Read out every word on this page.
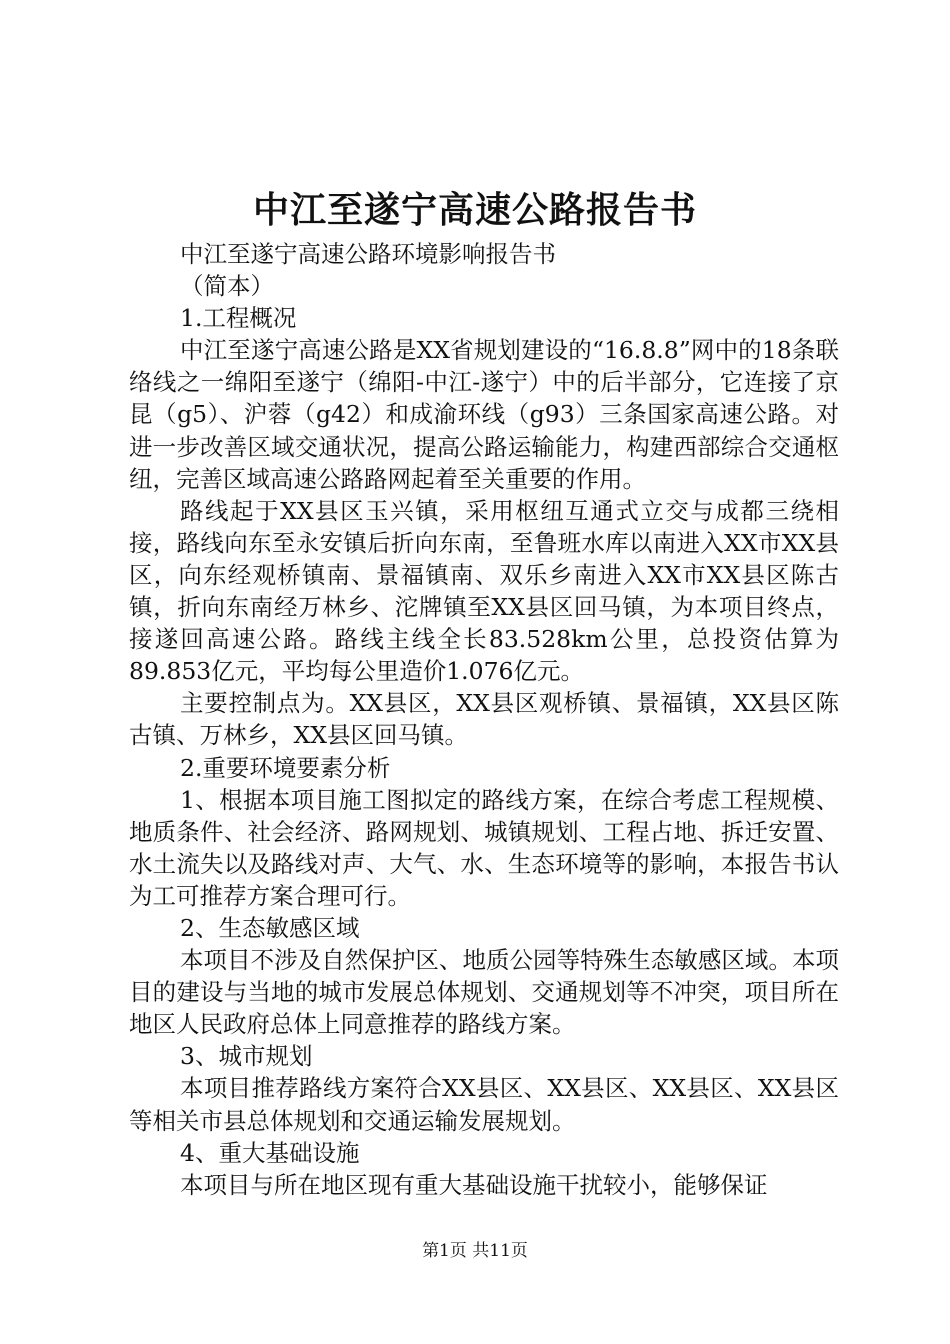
中江至遂宁高速公路报告书

中江至遂宁高速公路环境影响报告书

（简本）

1.工程概况

中江至遂宁高速公路是XX省规划建设的“16.8.8”网中的18条联络线之一绵阳至遂宁（绵阳-中江-遂宁）中的后半部分，它连接了京昆（g5）、沪蓉（g42）和成渝环线（g93）三条国家高速公路。对进一步改善区域交通状况，提高公路运输能力，构建西部综合交通枢纽，完善区域高速公路路网起着至关重要的作用。

路线起于XX县区玉兴镇，采用枢纽互通式立交与成都三绕相接，路线向东至永安镇后折向东南，至鲁班水库以南进入XX市XX县区，向东经观桥镇南、景福镇南、双乐乡南进入XX市XX县区陈古镇，折向东南经万林乡、沱牌镇至XX县区回马镇，为本项目终点，接遂回高速公路。路线主线全长83.528km公里，总投资估算为89.853亿元，平均每公里造价1.076亿元。

主要控制点为。XX县区，XX县区观桥镇、景福镇，XX县区陈古镇、万林乡，XX县区回马镇。

2.重要环境要素分析

1、根据本项目施工图拟定的路线方案，在综合考虑工程规模、地质条件、社会经济、路网规划、城镇规划、工程占地、拆迁安置、水土流失以及路线对声、大气、水、生态环境等的影响，本报告书认为工可推荐方案合理可行。

2、生态敏感区域

本项目不涉及自然保护区、地质公园等特殊生态敏感区域。本项目的建设与当地的城市发展总体规划、交通规划等不冲突，项目所在地区人民政府总体上同意推荐的路线方案。

3、城市规划

本项目推荐路线方案符合XX县区、XX县区、XX县区、XX县区等相关市县总体规划和交通运输发展规划。

4、重大基础设施

本项目与所在地区现有重大基础设施干扰较小，能够保证

第1页 共11页
